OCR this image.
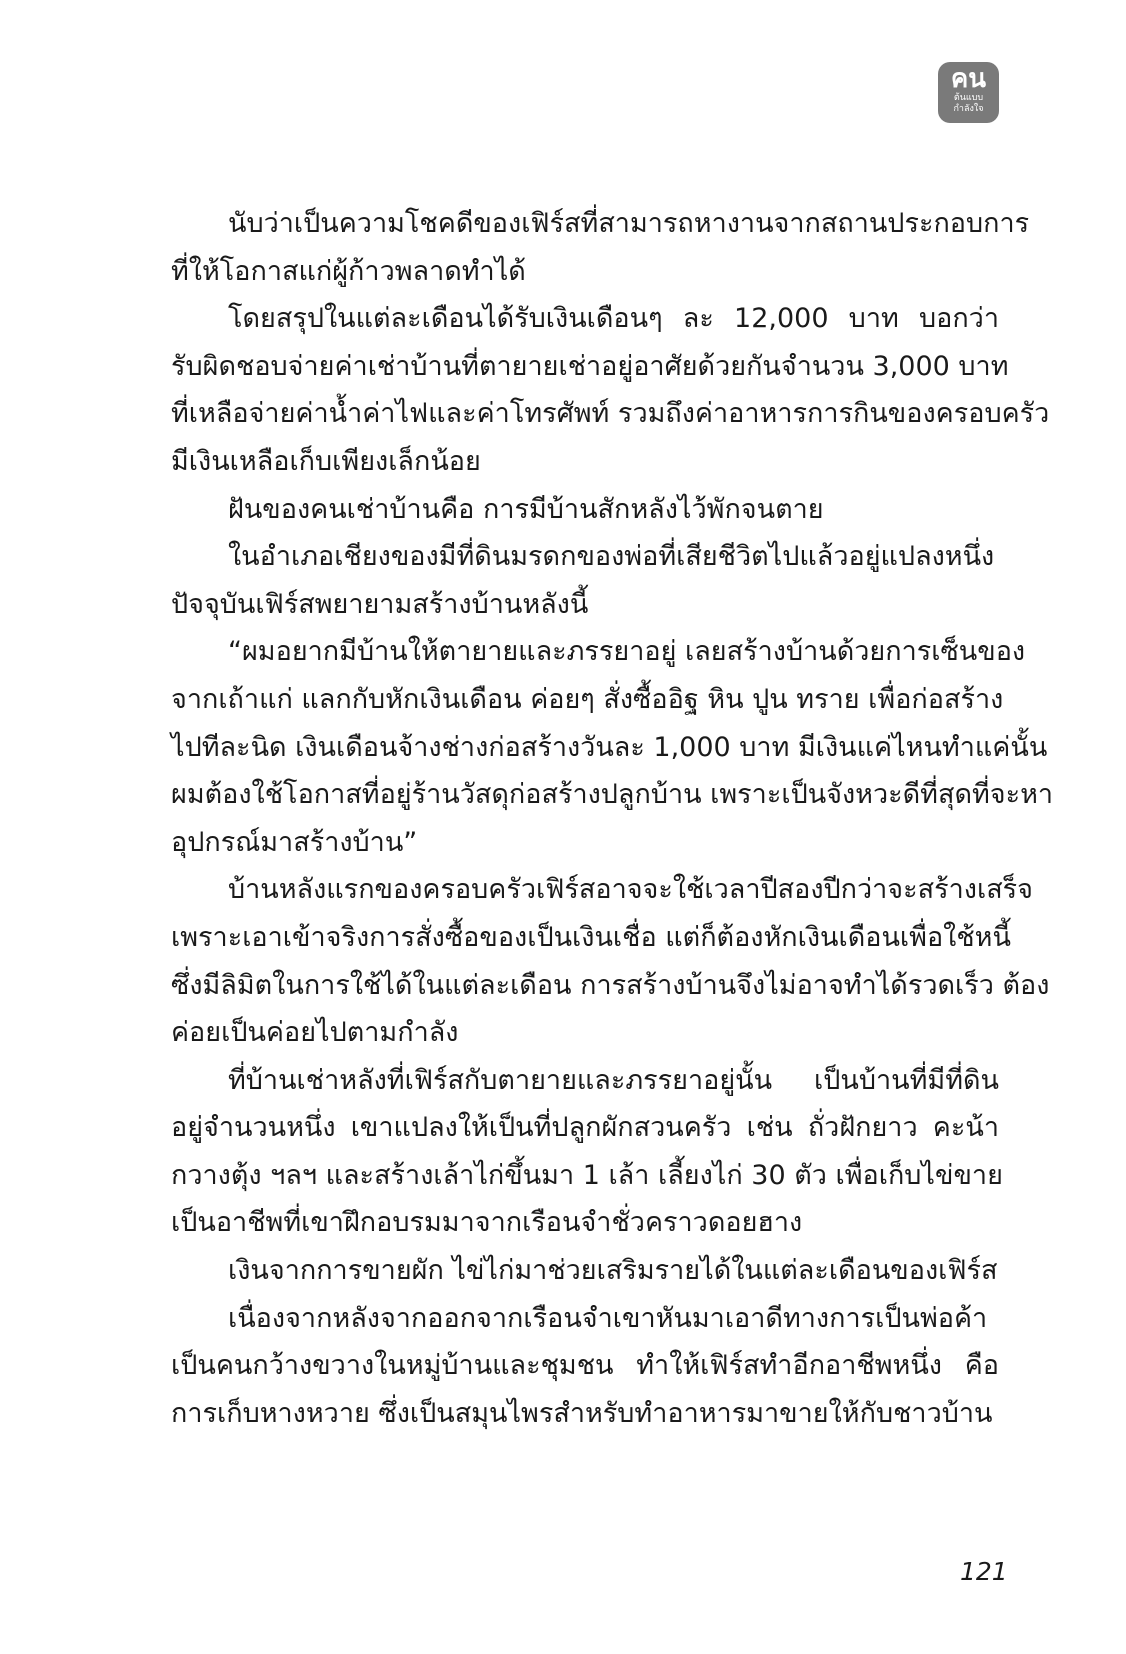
คน
ต้นแบบ
กำลังใจ
นับว่าเป็นความโชคดีของเฟิร์สที่สามารถหางานจากสถานประกอบการ
ที่ให้โอกาสแก่ผู้ก้าวพลาดทำได้
โดยสรุปในแต่ละเดือนได้รับเงินเดือนๆ ละ 12,000 บาท บอกว่า
รับผิดชอบจ่ายค่าเช่าบ้านที่ตายายเช่าอยู่อาศัยด้วยกันจำนวน 3,000 บาท
ที่เหลือจ่ายค่าน้ำค่าไฟและค่าโทรศัพท์ รวมถึงค่าอาหารการกินของครอบครัว
มีเงินเหลือเก็บเพียงเล็กน้อย
ฝันของคนเช่าบ้านคือ การมีบ้านสักหลังไว้พักจนตาย
ในอำเภอเชียงของมีที่ดินมรดกของพ่อที่เสียชีวิตไปแล้วอยู่แปลงหนึ่ง
ปัจจุบันเฟิร์สพยายามสร้างบ้านหลังนี้
“ผมอยากมีบ้านให้ตายายและภรรยาอยู่ เลยสร้างบ้านด้วยการเซ็นของ
จากเถ้าแก่ แลกกับหักเงินเดือน ค่อยๆ สั่งซื้ออิฐ หิน ปูน ทราย เพื่อก่อสร้าง
ไปทีละนิด เงินเดือนจ้างช่างก่อสร้างวันละ 1,000 บาท มีเงินแค่ไหนทำแค่นั้น
ผมต้องใช้โอกาสที่อยู่ร้านวัสดุก่อสร้างปลูกบ้าน เพราะเป็นจังหวะดีที่สุดที่จะหา
อุปกรณ์มาสร้างบ้าน”
บ้านหลังแรกของครอบครัวเฟิร์สอาจจะใช้เวลาปีสองปีกว่าจะสร้างเสร็จ
เพราะเอาเข้าจริงการสั่งซื้อของเป็นเงินเชื่อ แต่ก็ต้องหักเงินเดือนเพื่อใช้หนี้
ซึ่งมีลิมิตในการใช้ได้ในแต่ละเดือน การสร้างบ้านจึงไม่อาจทำได้รวดเร็ว ต้อง
ค่อยเป็นค่อยไปตามกำลัง
ที่บ้านเช่าหลังที่เฟิร์สกับตายายและภรรยาอยู่นั้น เป็นบ้านที่มีที่ดิน
อยู่จำนวนหนึ่ง เขาแปลงให้เป็นที่ปลูกผักสวนครัว เช่น ถั่วฝักยาว คะน้า
กวางตุ้ง ฯลฯ และสร้างเล้าไก่ขึ้นมา 1 เล้า เลี้ยงไก่ 30 ตัว เพื่อเก็บไข่ขาย
เป็นอาชีพที่เขาฝึกอบรมมาจากเรือนจำชั่วคราวดอยฮาง
เงินจากการขายผัก ไข่ไก่มาช่วยเสริมรายได้ในแต่ละเดือนของเฟิร์ส
เนื่องจากหลังจากออกจากเรือนจำเขาหันมาเอาดีทางการเป็นพ่อค้า
เป็นคนกว้างขวางในหมู่บ้านและชุมชน ทำให้เฟิร์สทำอีกอาชีพหนึ่ง คือ
การเก็บหางหวาย ซึ่งเป็นสมุนไพรสำหรับทำอาหารมาขายให้กับชาวบ้าน
121
